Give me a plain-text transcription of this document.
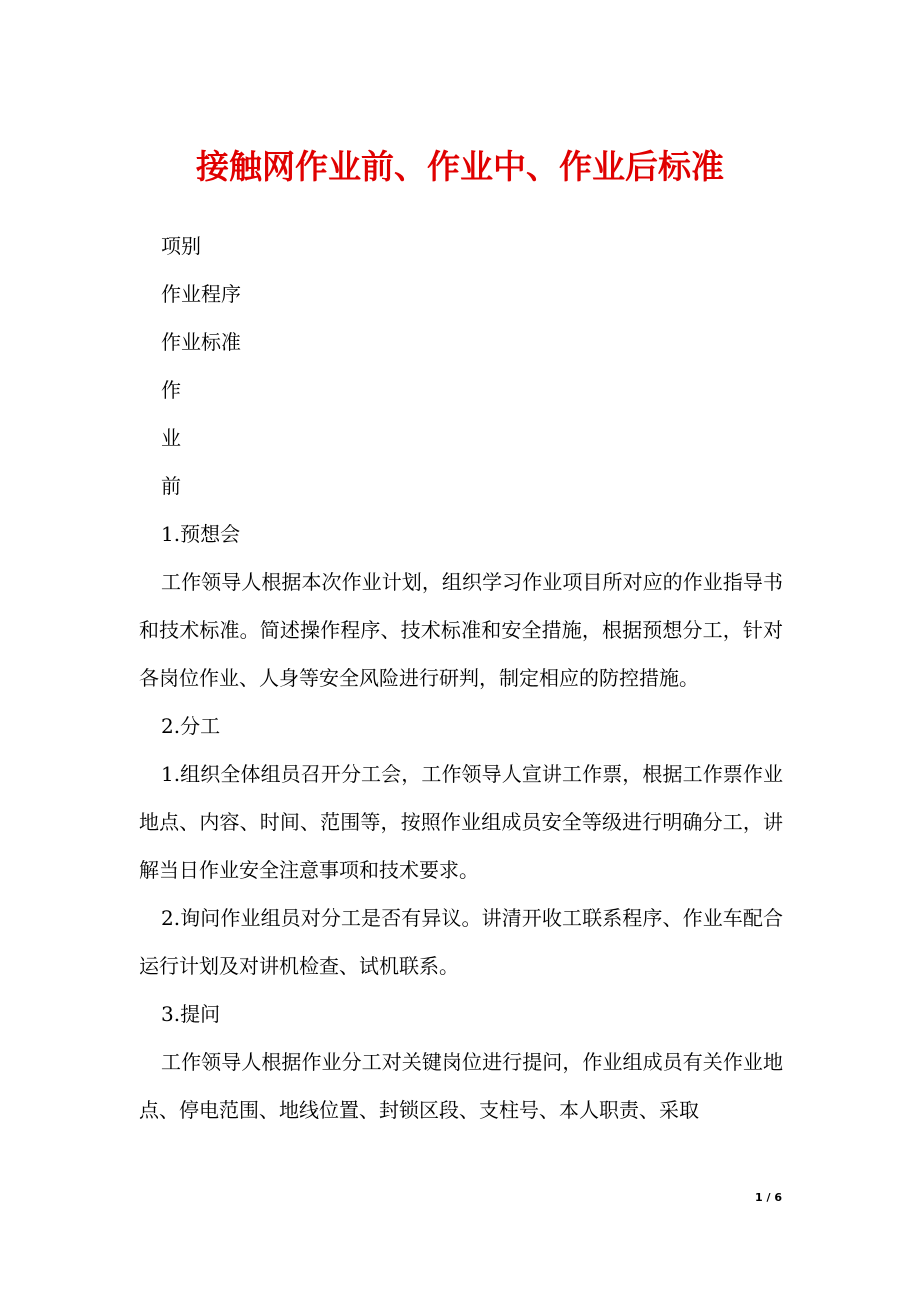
接触网作业前、作业中、作业后标准

项别

作业程序

作业标准

作

业

前

1.预想会

工作领导人根据本次作业计划，组织学习作业项目所对应的作业指导书和技术标准。简述操作程序、技术标准和安全措施，根据预想分工，针对各岗位作业、人身等安全风险进行研判，制定相应的防控措施。

2.分工

1.组织全体组员召开分工会，工作领导人宣讲工作票，根据工作票作业地点、内容、时间、范围等，按照作业组成员安全等级进行明确分工，讲解当日作业安全注意事项和技术要求。

2.询问作业组员对分工是否有异议。讲清开收工联系程序、作业车配合运行计划及对讲机检查、试机联系。

3.提问

工作领导人根据作业分工对关键岗位进行提问，作业组成员有关作业地点、停电范围、地线位置、封锁区段、支柱号、本人职责、采取

1 / 6
